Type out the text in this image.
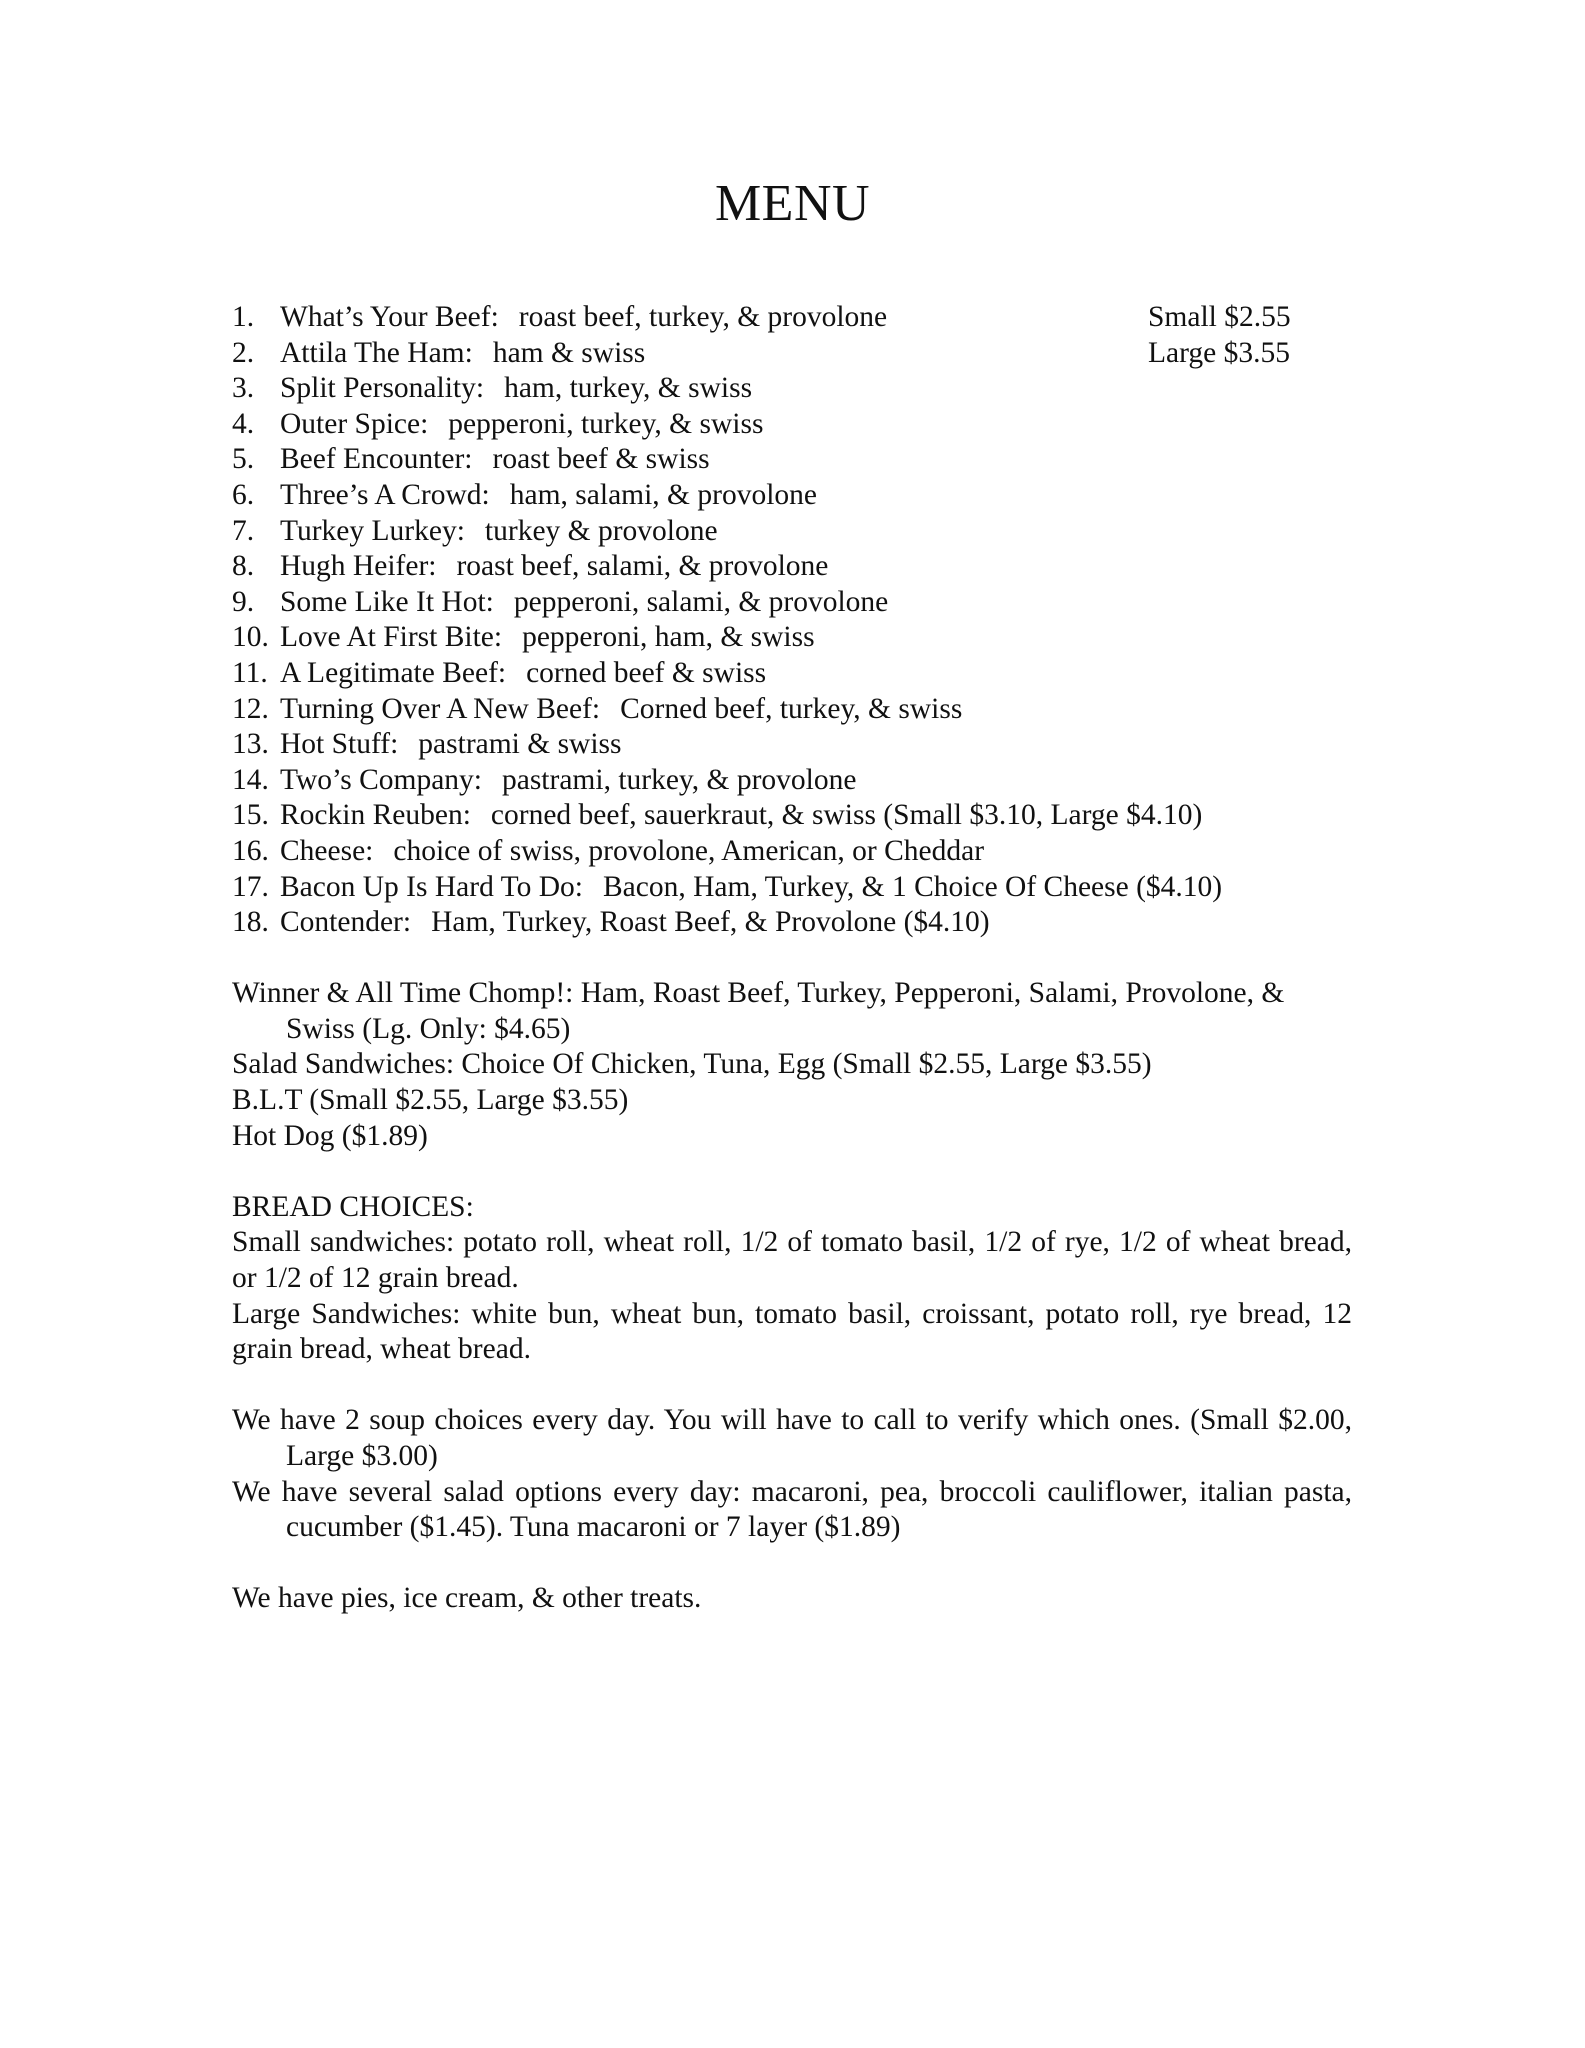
MENU
Small $2.55
Large $3.55
1. What’s Your Beef: roast beef, turkey, & provolone
2. Attila The Ham: ham & swiss
3. Split Personality: ham, turkey, & swiss
4. Outer Spice: pepperoni, turkey, & swiss
5. Beef Encounter: roast beef & swiss
6. Three’s A Crowd: ham, salami, & provolone
7. Turkey Lurkey: turkey & provolone
8. Hugh Heifer: roast beef, salami, & provolone
9. Some Like It Hot: pepperoni, salami, & provolone
10. Love At First Bite: pepperoni, ham, & swiss
11. A Legitimate Beef: corned beef & swiss
12. Turning Over A New Beef: Corned beef, turkey, & swiss
13. Hot Stuff: pastrami & swiss
14. Two’s Company: pastrami, turkey, & provolone
15. Rockin Reuben: corned beef, sauerkraut, & swiss (Small $3.10, Large $4.10)
16. Cheese: choice of swiss, provolone, American, or Cheddar
17. Bacon Up Is Hard To Do: Bacon, Ham, Turkey, & 1 Choice Of Cheese ($4.10)
18. Contender: Ham, Turkey, Roast Beef, & Provolone ($4.10)

Winner & All Time Chomp!: Ham, Roast Beef, Turkey, Pepperoni, Salami, Provolone, & Swiss (Lg. Only: $4.65)

Salad Sandwiches: Choice Of Chicken, Tuna, Egg (Small $2.55, Large $3.55)

B.L.T (Small $2.55, Large $3.55)

Hot Dog ($1.89)

BREAD CHOICES:

Small sandwiches: potato roll, wheat roll, 1/2 of tomato basil, 1/2 of rye, 1/2 of wheat bread, or 1/2 of 12 grain bread.

Large Sandwiches: white bun, wheat bun, tomato basil, croissant, potato roll, rye bread, 12 grain bread, wheat bread.

We have 2 soup choices every day. You will have to call to verify which ones. (Small $2.00, Large $3.00)

We have several salad options every day: macaroni, pea, broccoli cauliflower, italian pasta, cucumber ($1.45). Tuna macaroni or 7 layer ($1.89)

We have pies, ice cream, & other treats.
